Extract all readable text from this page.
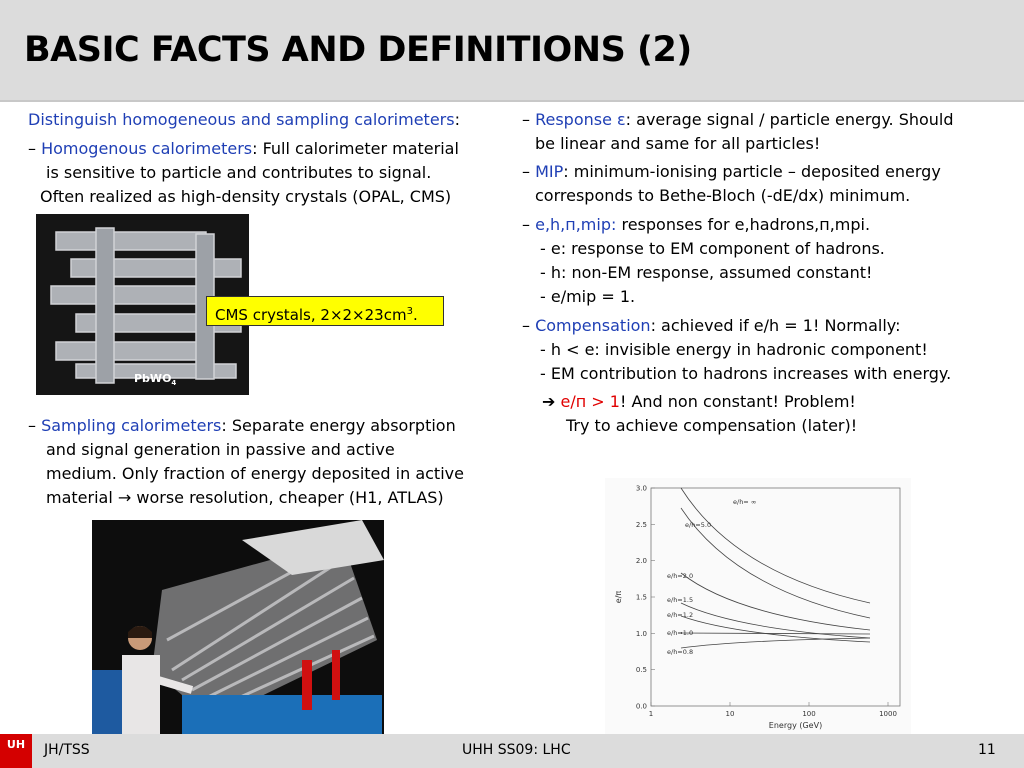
BASIC FACTS AND DEFINITIONS (2)
Distinguish homogeneous and sampling calorimeters:
– Homogenous calorimeters: Full calorimeter material
is sensitive to particle and contributes to signal.
Often realized as high-density crystals (OPAL, CMS)
PbWO$_4$
CMS crystals, $2\times 2\times 23cm^3$.
– Sampling calorimeters: Separate energy absorption
and signal generation in passive and active
medium. Only fraction of energy deposited in active
material → worse resolution, cheaper (H1, ATLAS)
– Response ε: average signal / particle energy. Should
be linear and same for all particles!
– MIP: minimum-ionising particle – deposited energy
corresponds to Bethe-Bloch (-dE/dx) minimum.
– e,h,п,mip: responses for e,hadrons,п,mpi.
- e: response to EM component of hadrons.
- h: non-EM response, assumed constant!
- e/mip = 1.
– Compensation: achieved if e/h = 1! Normally:
- h < e: invisible energy in hadronic component!
- EM contribution to hadrons increases with energy.
➔ e/п > 1! And non constant! Problem!
Try to achieve compensation (later)!
0.0
0.5
1.0
1.5
2.0
2.5
3.0
1	10	100	1000
Energy (GeV)
e/π
e/h= ∞
e/h=5.0
e/h=2.0
e/h=1.5
e/h=1.2
e/h=1.0
e/h=0.8
UH	JH/TSS	UHH SS09: LHC	11
